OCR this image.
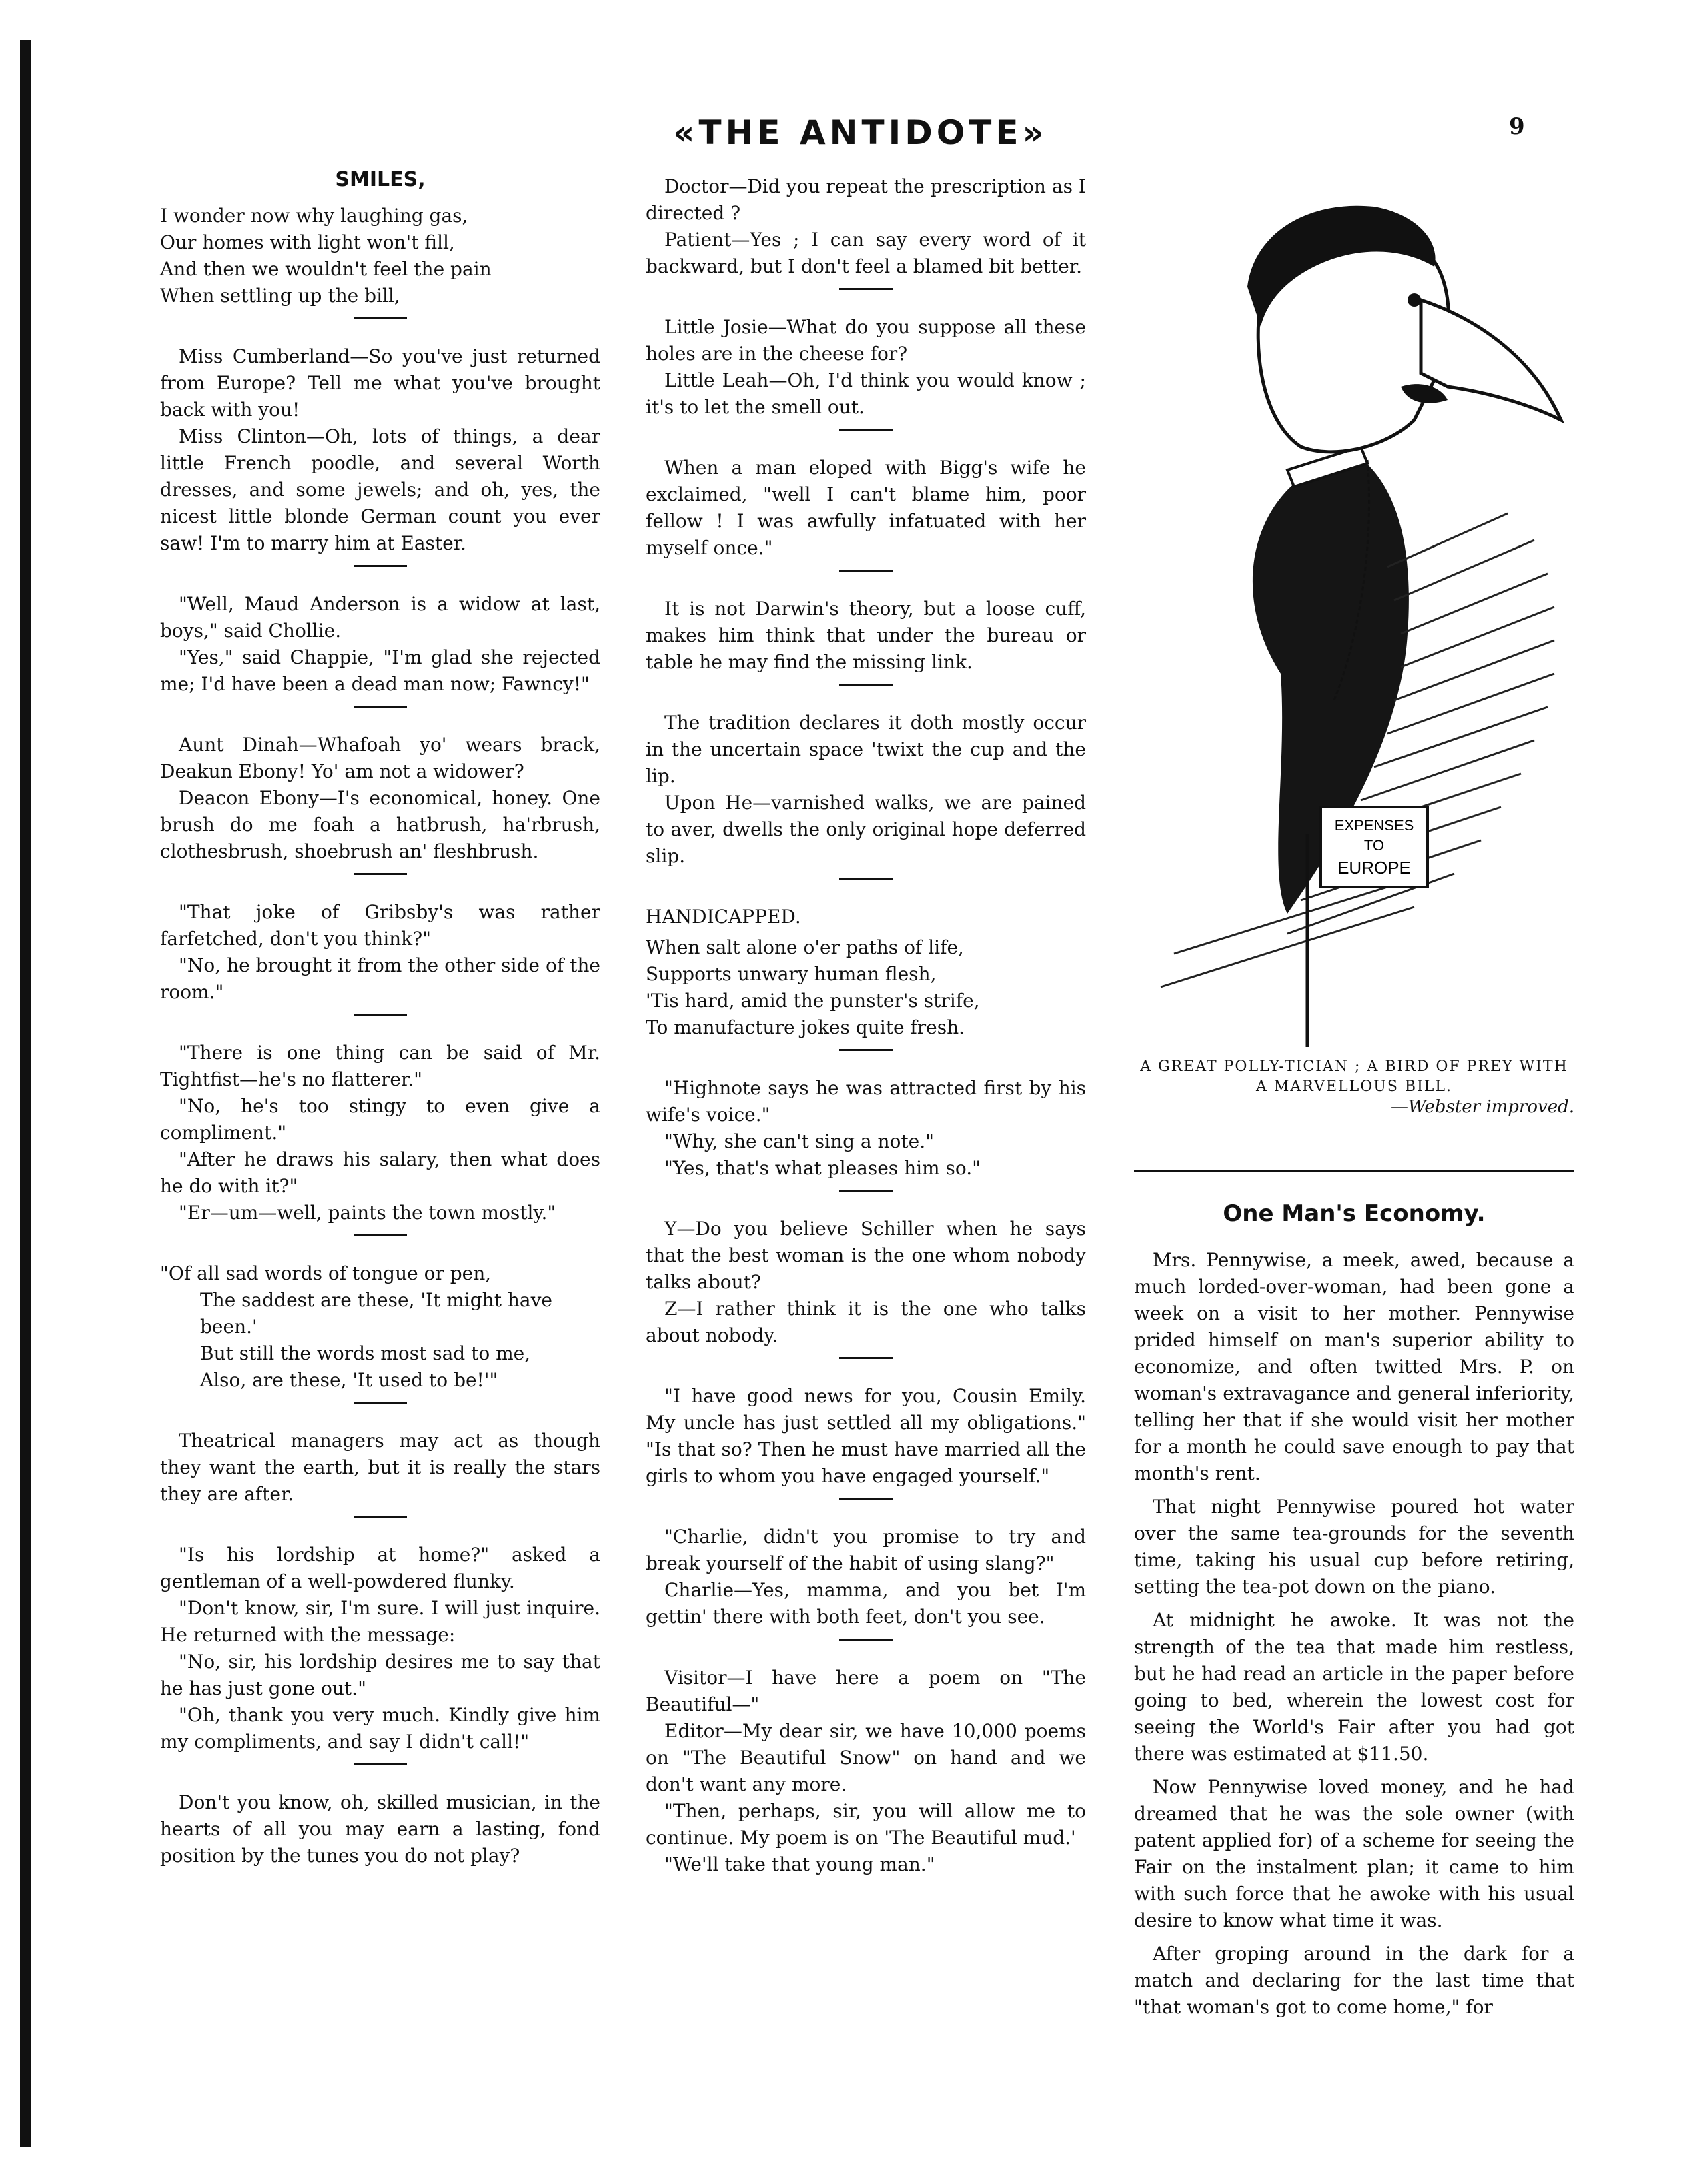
«THE ANTIDOTE»	9
SMILES,

I wonder now why laughing gas,

Our homes with light won't fill,

And then we wouldn't feel the pain

When settling up the bill,

Miss Cumberland—So you've just returned from Europe? Tell me what you've brought back with you!

Miss Clinton—Oh, lots of things, a dear little French poodle, and several Worth dresses, and some jewels; and oh, yes, the nicest little blonde German count you ever saw! I'm to marry him at Easter.

"Well, Maud Anderson is a widow at last, boys," said Chollie.

"Yes," said Chappie, "I'm glad she rejected me; I'd have been a dead man now; Fawncy!"

Aunt Dinah—Whafoah yo' wears brack, Deakun Ebony! Yo' am not a widower?

Deacon Ebony—I's economical, honey. One brush do me foah a hatbrush, ha'rbrush, clothesbrush, shoebrush an' fleshbrush.

"That joke of Gribsby's was rather farfetched, don't you think?"

"No, he brought it from the other side of the room."

"There is one thing can be said of Mr. Tightfist—he's no flatterer."

"No, he's too stingy to even give a compliment."

"After he draws his salary, then what does he do with it?"

"Er—um—well, paints the town mostly."

"Of all sad words of tongue or pen,

The saddest are these, 'It might have been.'

But still the words most sad to me,

Also, are these, 'It used to be!'"

Theatrical managers may act as though they want the earth, but it is really the stars they are after.

"Is his lordship at home?" asked a gentleman of a well-powdered flunky.

"Don't know, sir, I'm sure. I will just inquire. He returned with the message:

"No, sir, his lordship desires me to say that he has just gone out."

"Oh, thank you very much. Kindly give him my compliments, and say I didn't call!"

Don't you know, oh, skilled musician, in the hearts of all you may earn a lasting, fond position by the tunes you do not play?

Doctor—Did you repeat the prescription as I directed ?

Patient—Yes ; I can say every word of it backward, but I don't feel a blamed bit better.

Little Josie—What do you suppose all these holes are in the cheese for?

Little Leah—Oh, I'd think you would know ; it's to let the smell out.

When a man eloped with Bigg's wife he exclaimed, "well I can't blame him, poor fellow ! I was awfully infatuated with her myself once."

It is not Darwin's theory, but a loose cuff, makes him think that under the bureau or table he may find the missing link.

The tradition declares it doth mostly occur in the uncertain space 'twixt the cup and the lip.

Upon He—varnished walks, we are pained to aver, dwells the only original hope deferred slip.

HANDICAPPED.

When salt alone o'er paths of life,

Supports unwary human flesh,

'Tis hard, amid the punster's strife,

To manufacture jokes quite fresh.

"Highnote says he was attracted first by his wife's voice."

"Why, she can't sing a note."

"Yes, that's what pleases him so."

Y—Do you believe Schiller when he says that the best woman is the one whom nobody talks about?

Z—I rather think it is the one who talks about nobody.

"I have good news for you, Cousin Emily. My uncle has just settled all my obligations." "Is that so? Then he must have married all the girls to whom you have engaged yourself."

"Charlie, didn't you promise to try and break yourself of the habit of using slang?"

Charlie—Yes, mamma, and you bet I'm gettin' there with both feet, don't you see.

Visitor—I have here a poem on "The Beautiful—"

Editor—My dear sir, we have 10,000 poems on "The Beautiful Snow" on hand and we don't want any more.

"Then, perhaps, sir, you will allow me to continue. My poem is on 'The Beautiful mud.'

"We'll take that young man."

EXPENSES
TO
EUROPE
A GREAT POLLY-TICIAN ; A BIRD OF PREY WITH A MARVELLOUS BILL.
—Webster improved.
One Man's Economy.

Mrs. Pennywise, a meek, awed, because a much lorded-over-woman, had been gone a week on a visit to her mother. Pennywise prided himself on man's superior ability to economize, and often twitted Mrs. P. on woman's extravagance and general inferiority, telling her that if she would visit her mother for a month he could save enough to pay that month's rent.

That night Pennywise poured hot water over the same tea-grounds for the seventh time, taking his usual cup before retiring, setting the tea-pot down on the piano.

At midnight he awoke. It was not the strength of the tea that made him restless, but he had read an article in the paper before going to bed, wherein the lowest cost for seeing the World's Fair after you had got there was estimated at $11.50.

Now Pennywise loved money, and he had dreamed that he was the sole owner (with patent applied for) of a scheme for seeing the Fair on the instalment plan; it came to him with such force that he awoke with his usual desire to know what time it was.

After groping around in the dark for a match and declaring for the last time that "that woman's got to come home," for
